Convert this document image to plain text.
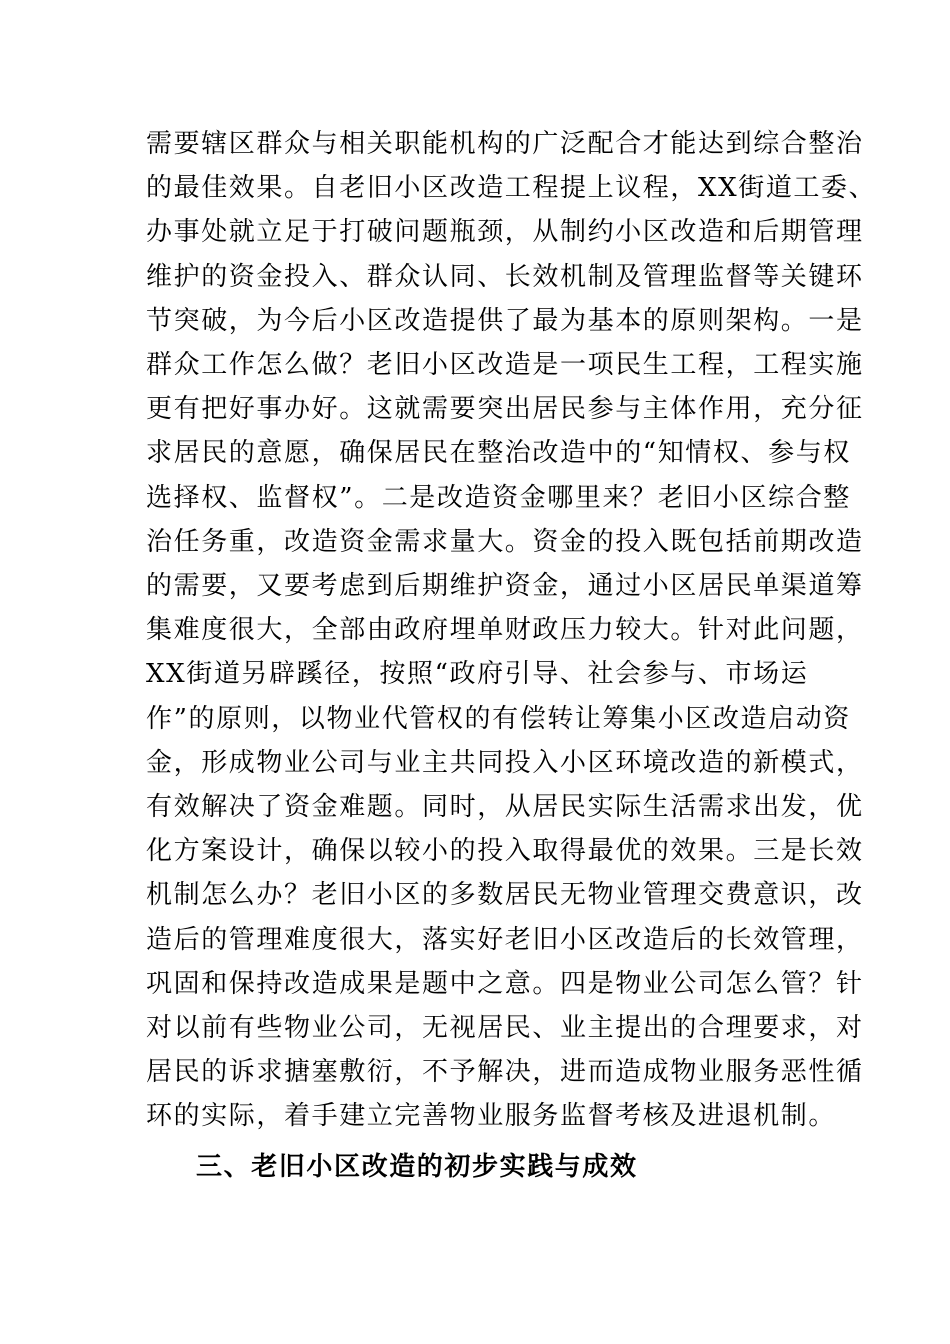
需要辖区群众与相关职能机构的广泛配合才能达到综合整治
的最佳效果。自老旧小区改造工程提上议程，XX街道工委、
办事处就立足于打破问题瓶颈，从制约小区改造和后期管理
维护的资金投入、群众认同、长效机制及管理监督等关键环
节突破，为今后小区改造提供了最为基本的原则架构。一是
群众工作怎么做？老旧小区改造是一项民生工程，工程实施
更有把好事办好。这就需要突出居民参与主体作用，充分征
求居民的意愿，确保居民在整治改造中的“知情权、参与权
选择权、监督权”。二是改造资金哪里来？老旧小区综合整
治任务重，改造资金需求量大。资金的投入既包括前期改造
的需要，又要考虑到后期维护资金，通过小区居民单渠道筹
集难度很大，全部由政府埋单财政压力较大。针对此问题，
XX街道另辟蹊径，按照“政府引导、社会参与、市场运
作”的原则，以物业代管权的有偿转让筹集小区改造启动资
金，形成物业公司与业主共同投入小区环境改造的新模式，
有效解决了资金难题。同时，从居民实际生活需求出发，优
化方案设计，确保以较小的投入取得最优的效果。三是长效
机制怎么办？老旧小区的多数居民无物业管理交费意识，改
造后的管理难度很大，落实好老旧小区改造后的长效管理，
巩固和保持改造成果是题中之意。四是物业公司怎么管？针
对以前有些物业公司，无视居民、业主提出的合理要求，对
居民的诉求搪塞敷衍，不予解决，进而造成物业服务恶性循
环的实际，着手建立完善物业服务监督考核及进退机制。

三、老旧小区改造的初步实践与成效
